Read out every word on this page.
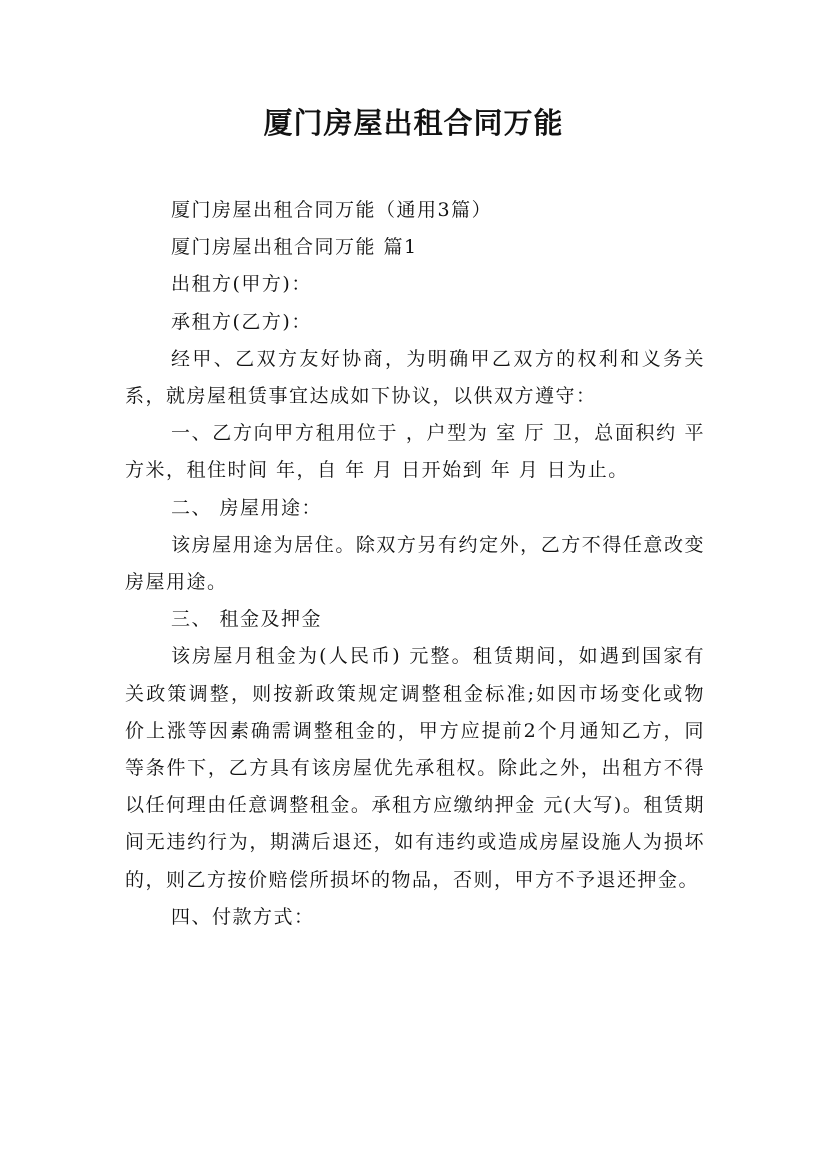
厦门房屋出租合同万能

厦门房屋出租合同万能（通用3篇）

厦门房屋出租合同万能 篇1

出租方(甲方)：

承租方(乙方)：

经甲、乙双方友好协商，为明确甲乙双方的权利和义务关系，就房屋租赁事宜达成如下协议，以供双方遵守：

一、乙方向甲方租用位于 ，户型为 室 厅 卫，总面积约 平方米，租住时间 年，自 年 月 日开始到 年 月 日为止。

二、 房屋用途：

该房屋用途为居住。除双方另有约定外，乙方不得任意改变房屋用途。

三、 租金及押金

该房屋月租金为(人民币) 元整。租赁期间，如遇到国家有关政策调整，则按新政策规定调整租金标准;如因市场变化或物价上涨等因素确需调整租金的，甲方应提前2个月通知乙方，同等条件下，乙方具有该房屋优先承租权。除此之外，出租方不得以任何理由任意调整租金。承租方应缴纳押金 元(大写)。租赁期间无违约行为，期满后退还，如有违约或造成房屋设施人为损坏的，则乙方按价赔偿所损坏的物品，否则，甲方不予退还押金。

四、付款方式：
